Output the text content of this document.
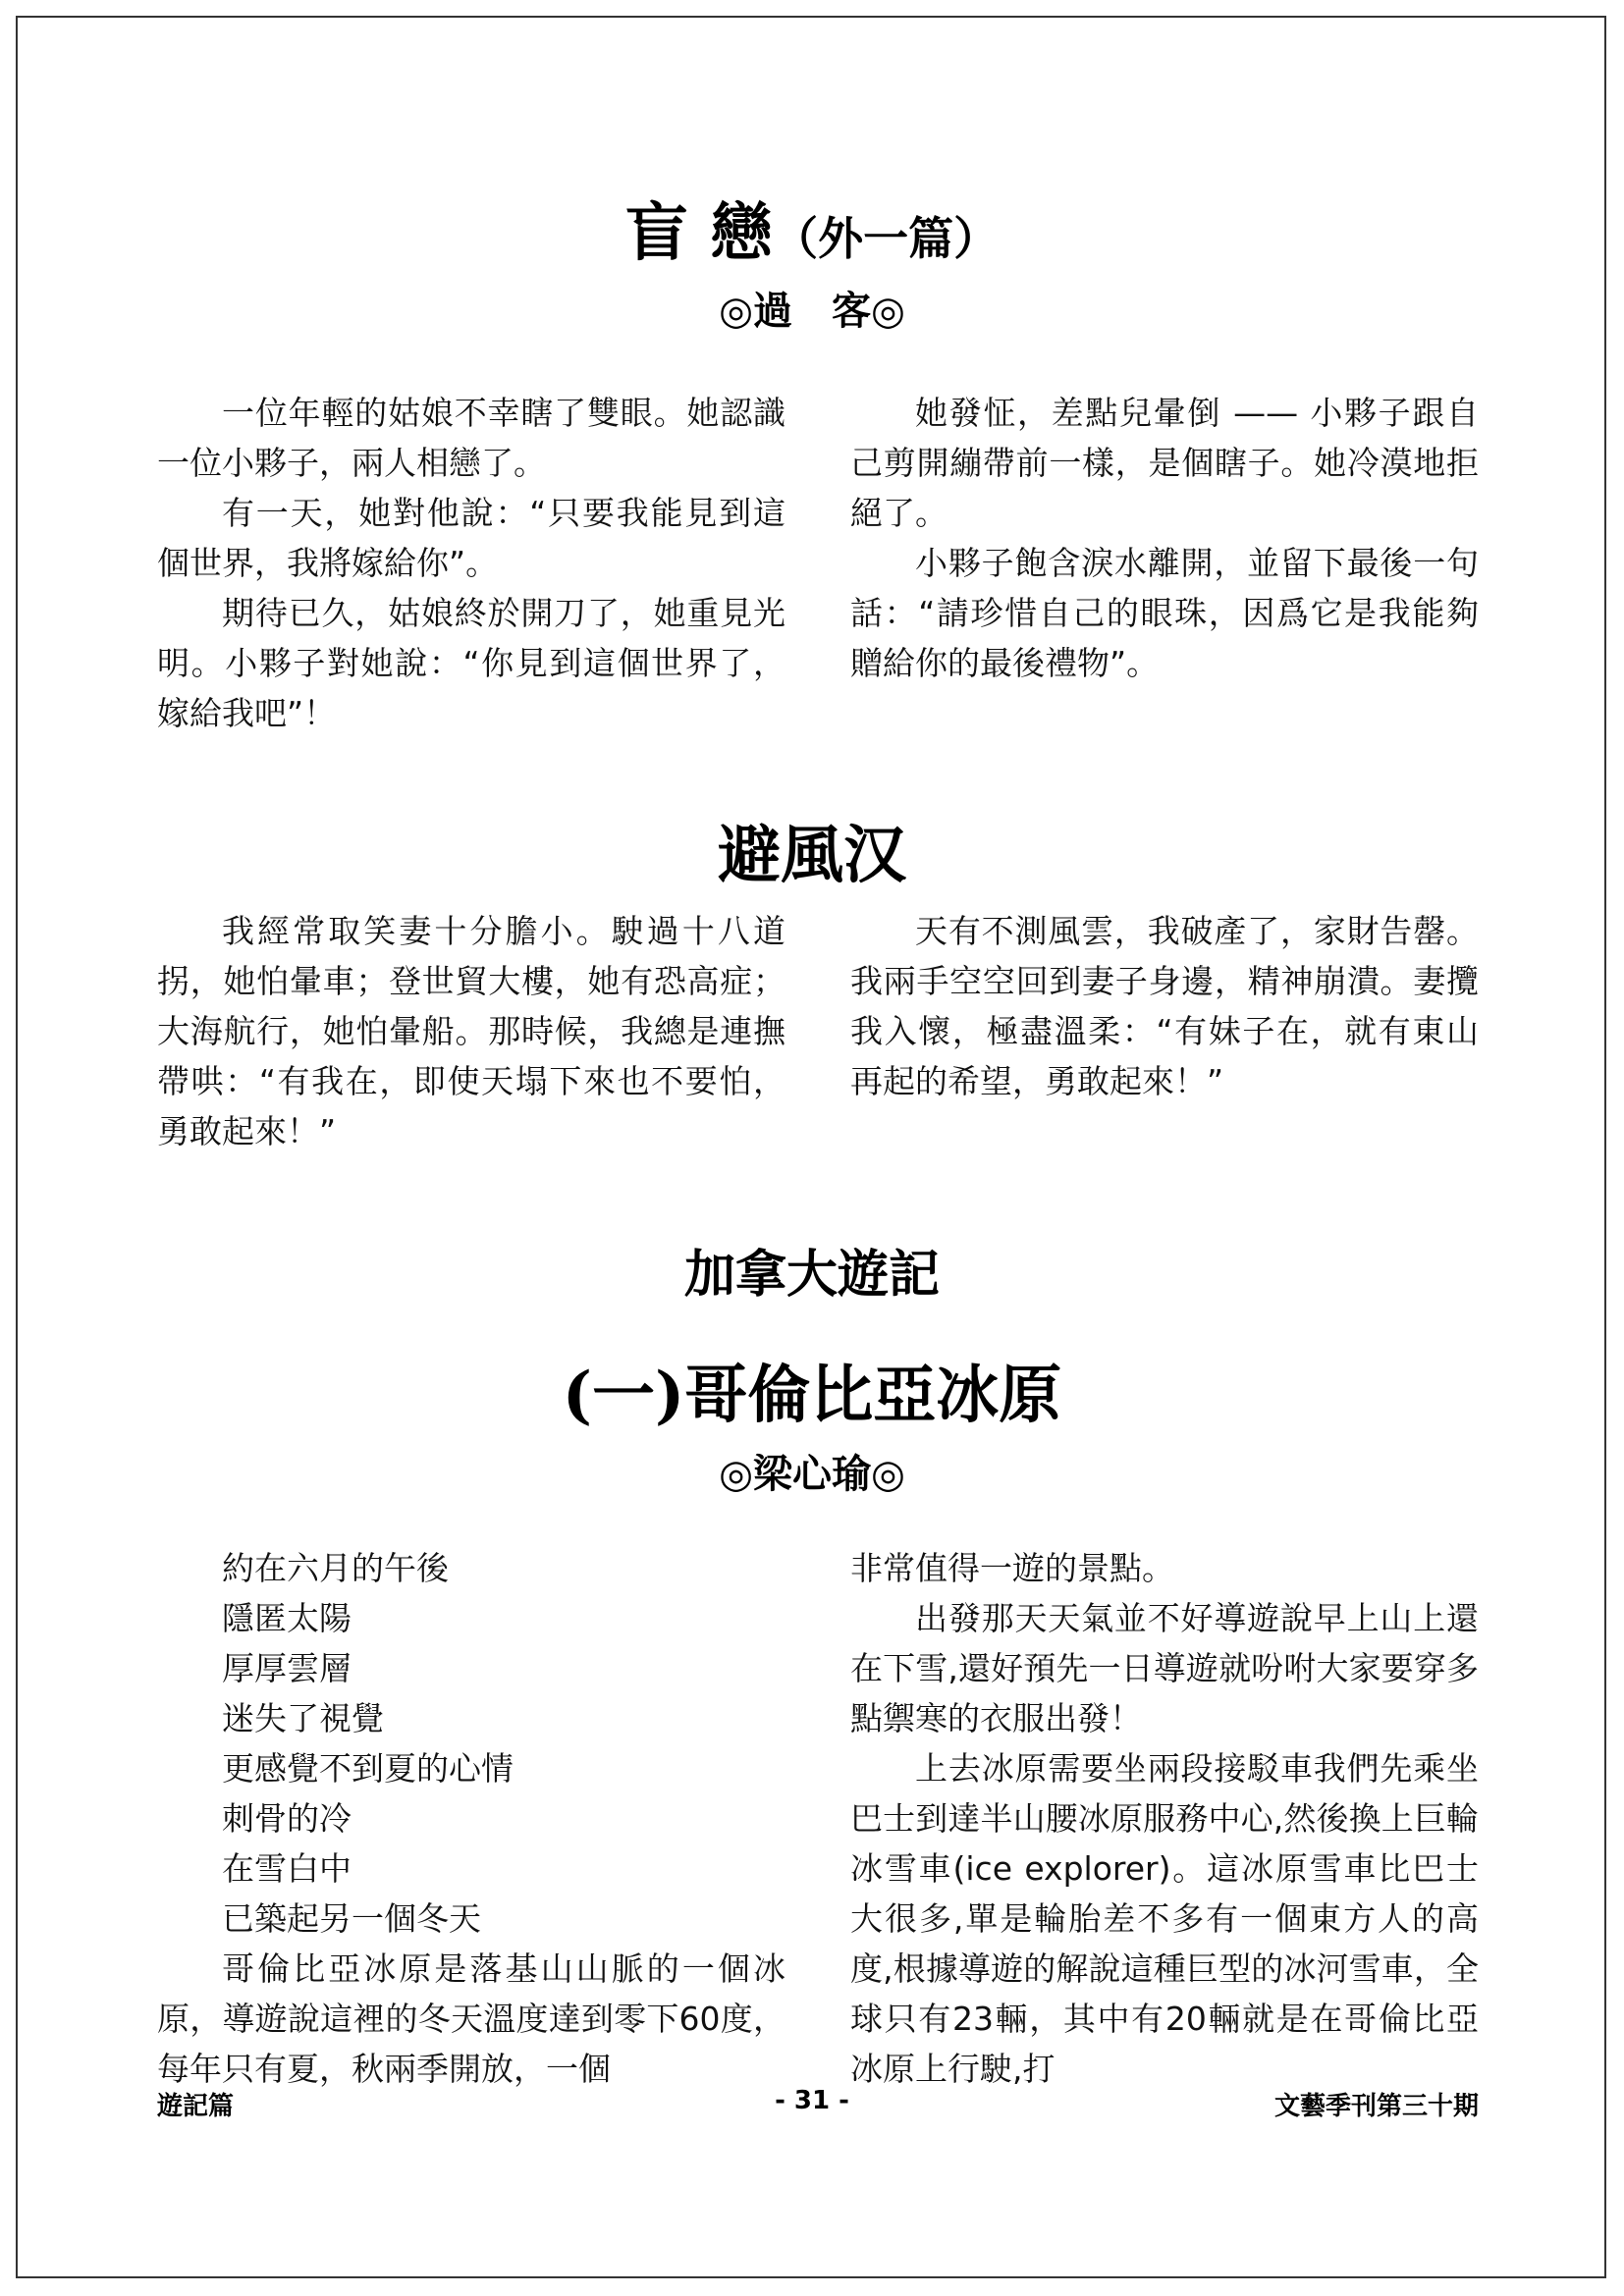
盲 戀（外一篇）
◎過　客◎

一位年輕的姑娘不幸瞎了雙眼。她認識一位小夥子，兩人相戀了。

有一天，她對他說：“只要我能見到這個世界，我將嫁給你”。

期待已久，姑娘終於開刀了，她重見光明。小夥子對她說：“你見到這個世界了，嫁給我吧”！

她發怔，差點兒暈倒 —— 小夥子跟自己剪開繃帶前一樣，是個瞎子。她冷漠地拒絕了。

小夥子飽含淚水離開，並留下最後一句話：“請珍惜自己的眼珠，因爲它是我能夠贈給你的最後禮物”。

避風汉

我經常取笑妻十分膽小。駛過十八道拐，她怕暈車；登世貿大樓，她有恐高症；大海航行，她怕暈船。那時候，我總是連撫帶哄：“有我在，即使天塌下來也不要怕，勇敢起來！”

天有不測風雲，我破產了，家財告罄。我兩手空空回到妻子身邊，精神崩潰。妻攬我入懷，極盡溫柔：“有妹子在，就有東山再起的希望，勇敢起來！”

加拿大遊記
(一)哥倫比亞冰原
◎梁心瑜◎

約在六月的午後

隱匿太陽

厚厚雲層

迷失了視覺

更感覺不到夏的心情

刺骨的冷

在雪白中

已築起另一個冬天

哥倫比亞冰原是落基山山脈的一個冰原，導遊說這裡的冬天溫度達到零下60度，每年只有夏，秋兩季開放，一個

非常值得一遊的景點。

出發那天天氣並不好導遊說早上山上還在下雪,還好預先一日導遊就吩咐大家要穿多點禦寒的衣服出發！

上去冰原需要坐兩段接駁車我們先乘坐巴士到達半山腰冰原服務中心,然後換上巨輪冰雪車(ice explorer)。這冰原雪車比巴士大很多,單是輪胎差不多有一個東方人的高度,根據導遊的解說這種巨型的冰河雪車，全球只有23輛，其中有20輛就是在哥倫比亞冰原上行駛,打

遊記篇	- 31 -	文藝季刊第三十期
